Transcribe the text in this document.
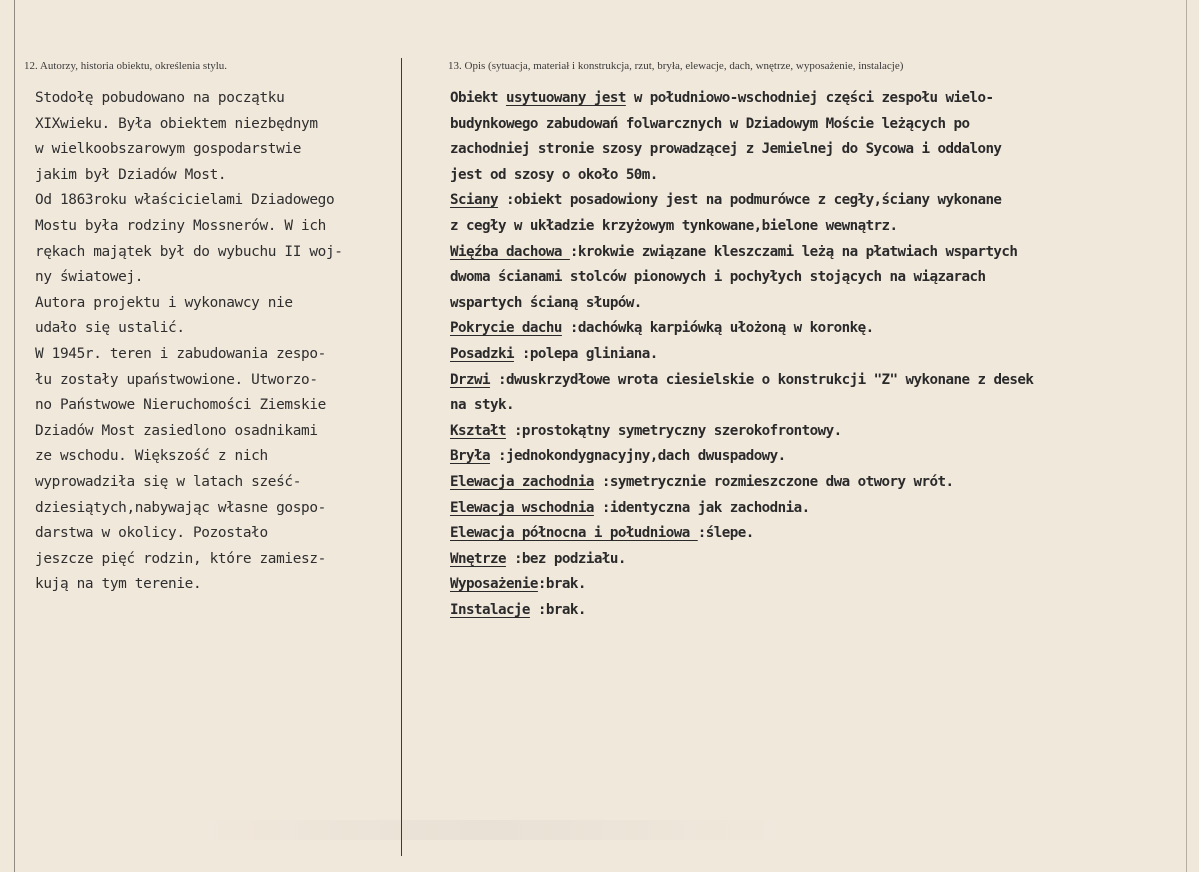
12. Autorzy, historia obiektu, określenia stylu.	13. Opis (sytuacja, materiał i konstrukcja, rzut, bryła, elewacje, dach, wnętrze, wyposażenie, instalacje)
Stodołę pobudowano na początku
XIXwieku. Była obiektem niezbędnym
w wielkoobszarowym gospodarstwie
jakim był Dziadów Most.
Od 1863roku właścicielami Dziadowego
Mostu była rodziny Mossnerów. W ich
rękach majątek był do wybuchu II woj-
ny światowej.
Autora projektu i wykonawcy nie
udało się ustalić.
W 1945r. teren i zabudowania zespo-
łu zostały upaństwowione. Utworzo-
no Państwowe Nieruchomości Ziemskie
Dziadów Most zasiedlono osadnikami
ze wschodu. Większość z nich
wyprowadziła się w latach sześć-
dziesiątych,nabywając własne gospo-
darstwa w okolicy. Pozostało
jeszcze pięć rodzin, które zamiesz-
kują na tym terenie.
Obiekt usytuowany jest w południowo-wschodniej części zespołu wielo-
budynkowego zabudowań folwarcznych w Dziadowym Moście leżących po
zachodniej stronie szosy prowadzącej z Jemielnej do Sycowa i oddalony
jest od szosy o około 50m.
Sciany :obiekt posadowiony jest na podmurówce z cegły,ściany wykonane
z cegły w układzie krzyżowym tynkowane,bielone wewnątrz.
Więźba dachowa :krokwie związane kleszczami leżą na płatwiach wspartych
dwoma ścianami stolców pionowych i pochyłych stojących na wiązarach
wspartych ścianą słupów.
Pokrycie dachu :dachówką karpiówką ułożoną w koronkę.
Posadzki :polepa gliniana.
Drzwi :dwuskrzydłowe wrota ciesielskie o konstrukcji "Z" wykonane z desek
na styk.
Kształt :prostokątny symetryczny szerokofrontowy.
Bryła :jednokondygnacyjny,dach dwuspadowy.
Elewacja zachodnia :symetrycznie rozmieszczone dwa otwory wrót.
Elewacja wschodnia :identyczna jak zachodnia.
Elewacja północna i południowa :ślepe.
Wnętrze :bez podziału.
Wyposażenie:brak.
Instalacje :brak.
